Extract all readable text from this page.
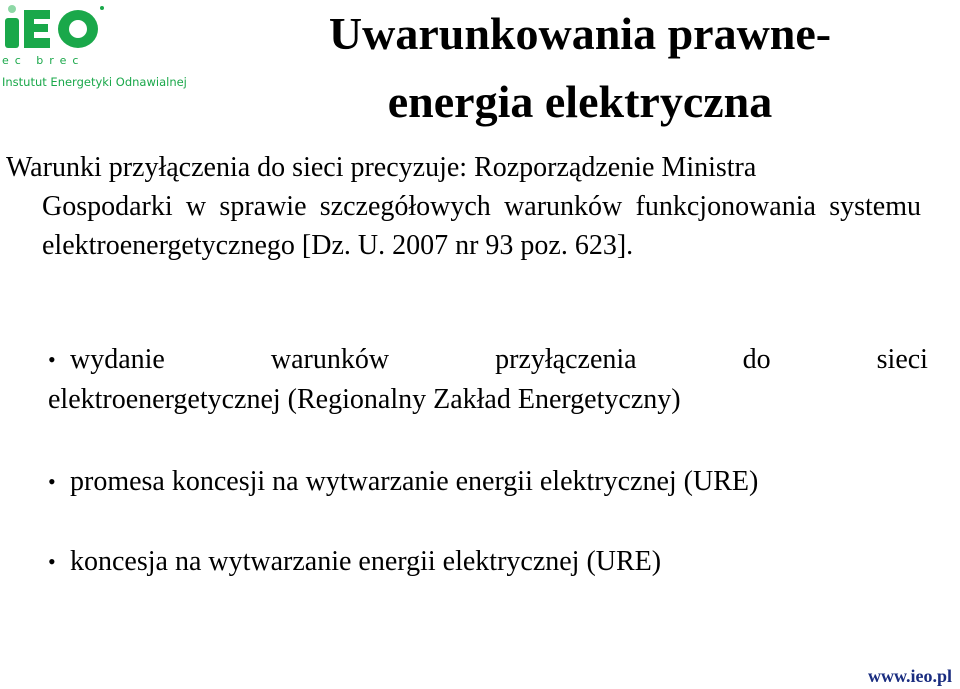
ec brec
Instutut Energetyki Odnawialnej
Uwarunkowania prawne-
energia elektryczna
Warunki przyłączenia do sieci precyzuje: Rozporządzenie Ministra
Gospodarki w sprawie szczegółowych warunków funkcjonowania systemu elektroenergetycznego [Dz. U. 2007 nr 93 poz. 623].
• wydanie	warunków	przyłączenia	do	sieci
elektroenergetycznej (Regionalny Zakład Energetyczny)
• promesa koncesji na wytwarzanie energii elektrycznej (URE)
• koncesja na wytwarzanie energii elektrycznej (URE)
www.ieo.pl
